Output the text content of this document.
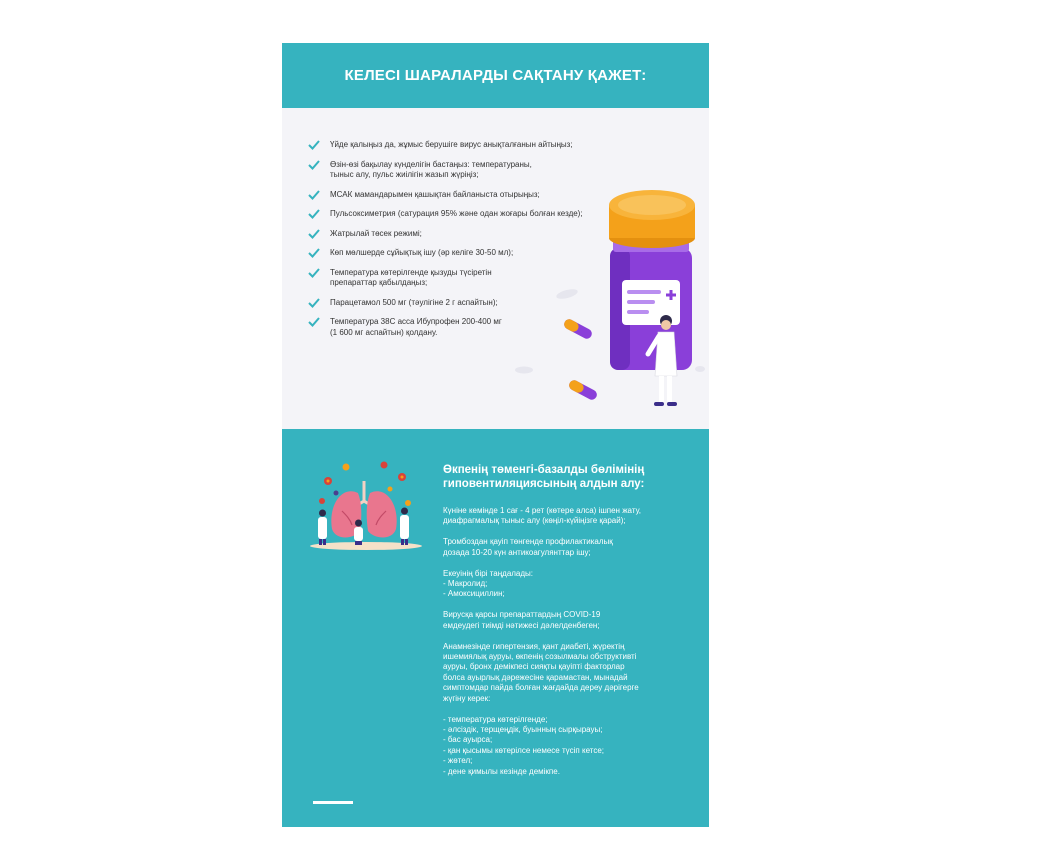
КЕЛЕСІ ШАРАЛАРДЫ САҚТАНУ ҚАЖЕТ:
Үйде қалыңыз да, жұмыс берушіге вирус анықталғанын айтыңыз;
Өзін-өзі бақылау күнделігін бастаңыз: температураны,
тыныс алу, пульс жиілігін жазып жүріңіз;
МСАК мамандарымен қашықтан байланыста отырыңыз;
Пульсоксиметрия (сатурация 95% және одан жоғары болған кезде);
Жатрылай төсек режимі;
Көп мөлшерде сұйықтық ішу (әр келіге 30-50 мл);
Температура көтерілгенде қызуды түсіретін
препараттар қабылдаңыз;
Парацетамол 500 мг (тәулігіне 2 г аспайтын);
Температура 38С асса Ибупрофен 200-400 мг
(1 600 мг аспайтын) қолдану.
Өкпенің төменгі-базалды бөлімінің
гиповентиляциясының алдын алу:

Күніне кемінде 1 сағ - 4 рет (көтере алса) ішпен жату,
диафрагмалық тыныс алу (көңіл-күйіңізге қарай);

Тромбоздан қауіп төнгенде профилактикалық
дозада 10-20 күн антикоагулянттар ішу;

Екеуінің бірі таңдалады:
- Макролид;
- Амоксициллин;

Вирусқа қарсы препараттардың COVID-19
емдеудегі тиімді нәтижесі дәлелденбеген;

Анамнезінде гипертензия, қант диабеті, жүректің
ишемиялық ауруы, өкпенің созылмалы обструктивті
ауруы, бронх демікпесі сияқты қауіпті факторлар
болса ауырлық дәрежесіне қарамастан, мынадай
симптомдар пайда болған жағдайда дереу дәрігерге
жүгіну керек:

- температура көтерілгенде;
- әлсіздік, терщеңдік, буынның сырқырауы;
- бас ауырса;
- қан қысымы көтерілсе немесе түсіп кетсе;
- жөтел;
- дене қимылы кезінде демікпе.
